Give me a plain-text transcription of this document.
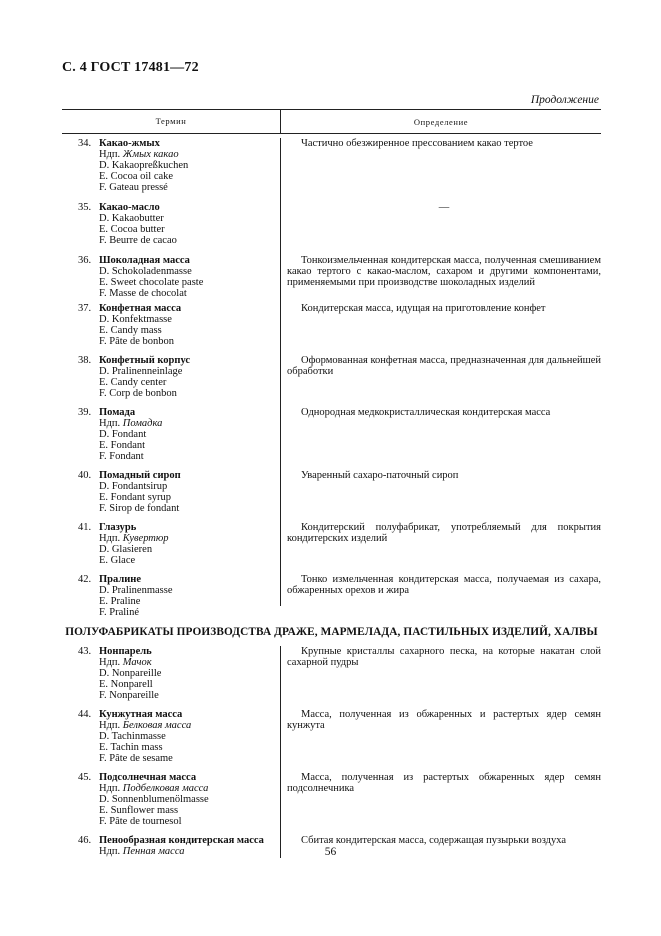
С. 4 ГОСТ 17481—72
Продолжение
Термин	Определение
34. Какао-жмых
Ндп. Жмых какао
D. Kakaopreßkuchen
E. Cocoa oil cake
F. Gateau pressé
Частично обезжиренное прессованием какао тертое
35. Какао-масло
D. Kakaobutter
E. Cocoa butter
F. Beurre de cacao
—
36. Шоколадная масса
D. Schokoladenmasse
E. Sweet chocolate paste
F. Masse de chocolat
Тонкоизмельченная кондитерская масса, полученная смешиванием какао тертого с какао-маслом, сахаром и другими компонентами, применяемыми при производстве шоколадных изделий
37. Конфетная масса
D. Konfektmasse
E. Candy mass
F. Pâte de bonbon
Кондитерская масса, идущая на приготовление конфет
38. Конфетный корпус
D. Pralinenneinlage
E. Candy center
F. Corp de bonbon
Оформованная конфетная масса, предназначенная для дальнейшей обработки
39. Помада
Ндп. Помадка
D. Fondant
E. Fondant
F. Fondant
Однородная медкокристаллическая кондитерская масса
40. Помадный сироп
D. Fondantsirup
E. Fondant syrup
F. Sirop de fondant
Уваренный сахаро-паточный сироп
41. Глазурь
Ндп. Кувертюр
D. Glasieren
E. Glace
Кондитерский полуфабрикат, употребляемый для покрытия кондитерских изделий
42. Пралине
D. Pralinenmasse
E. Praline
F. Praliné
Тонко измельченная кондитерская масса, получаемая из сахара, обжаренных орехов и жира
ПОЛУФАБРИКАТЫ ПРОИЗВОДСТВА ДРАЖЕ, МАРМЕЛАДА, ПАСТИЛЬНЫХ ИЗДЕЛИЙ, ХАЛВЫ
43. Нонпарель
Ндп. Мачок
D. Nonpareille
E. Nonparell
F. Nonpareille
Крупные кристаллы сахарного песка, на которые накатан слой сахарной пудры
44. Кунжутная масса
Ндп. Белковая масса
D. Tachinmasse
E. Tachin mass
F. Pâte de sesame
Масса, полученная из обжаренных и растертых ядер семян кунжута
45. Подсолнечная масса
Ндп. Подбелковая масса
D. Sonnenblumenölmasse
E. Sunflower mass
F. Pâte de tournesol
Масса, полученная из растертых обжаренных ядер семян подсолнечника
46. Пенообразная кондитерская масса
Ндп. Пенная масса
Сбитая кондитерская масса, содержащая пузырьки воздуха
56
